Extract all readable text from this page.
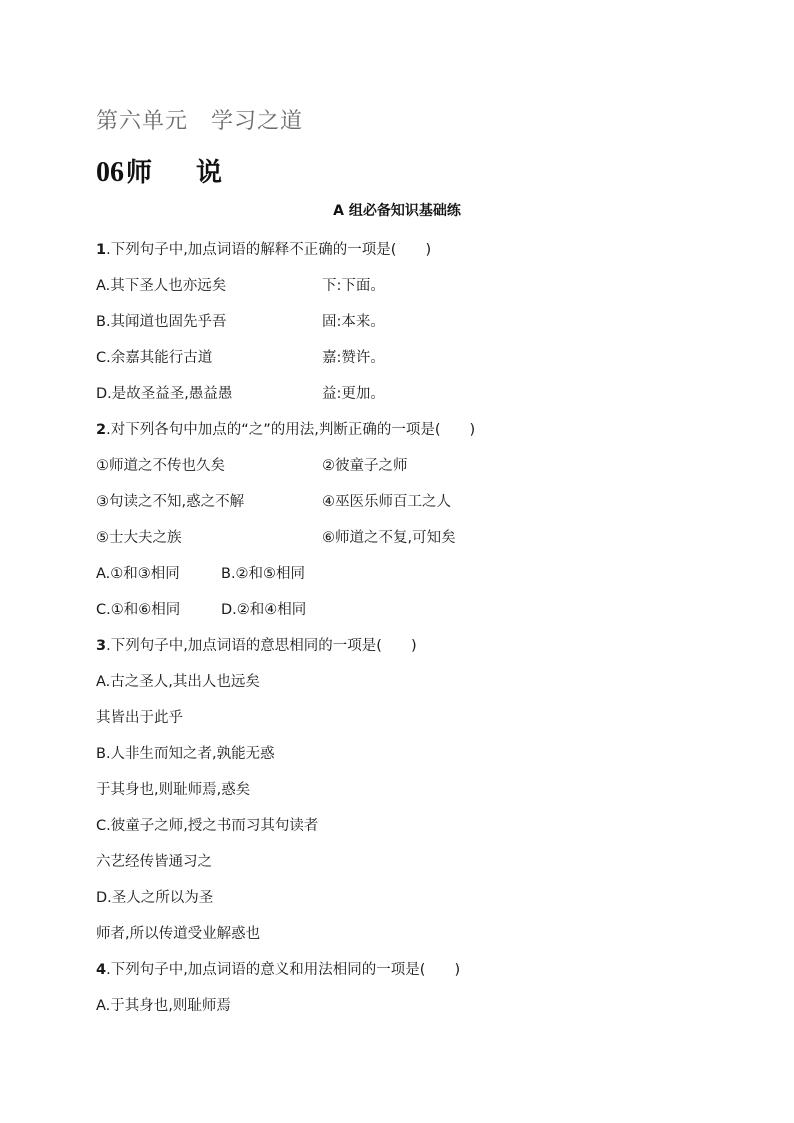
第六单元　学习之道
06师 说
A 组必备知识基础练
1.下列句子中,加点词语的解释不正确的一项是(　　)
A.其下圣人也亦远矣	下:下面。
B.其闻道也固先乎吾	固:本来。
C.余嘉其能行古道	嘉:赞许。
D.是故圣益圣,愚益愚	益:更加。
2.对下列各句中加点的“之”的用法,判断正确的一项是(　　)
①师道之不传也久矣	②彼童子之师
③句读之不知,惑之不解	④巫医乐师百工之人
⑤士大夫之族	⑥师道之不复,可知矣
A.①和③相同	B.②和⑤相同
C.①和⑥相同	D.②和④相同
3.下列句子中,加点词语的意思相同的一项是(　　)
A.古之圣人,其出人也远矣
其皆出于此乎
B.人非生而知之者,孰能无惑
于其身也,则耻师焉,惑矣
C.彼童子之师,授之书而习其句读者
六艺经传皆通习之
D.圣人之所以为圣
师者,所以传道受业解惑也
4.下列句子中,加点词语的意义和用法相同的一项是(　　)
A.于其身也,则耻师焉
